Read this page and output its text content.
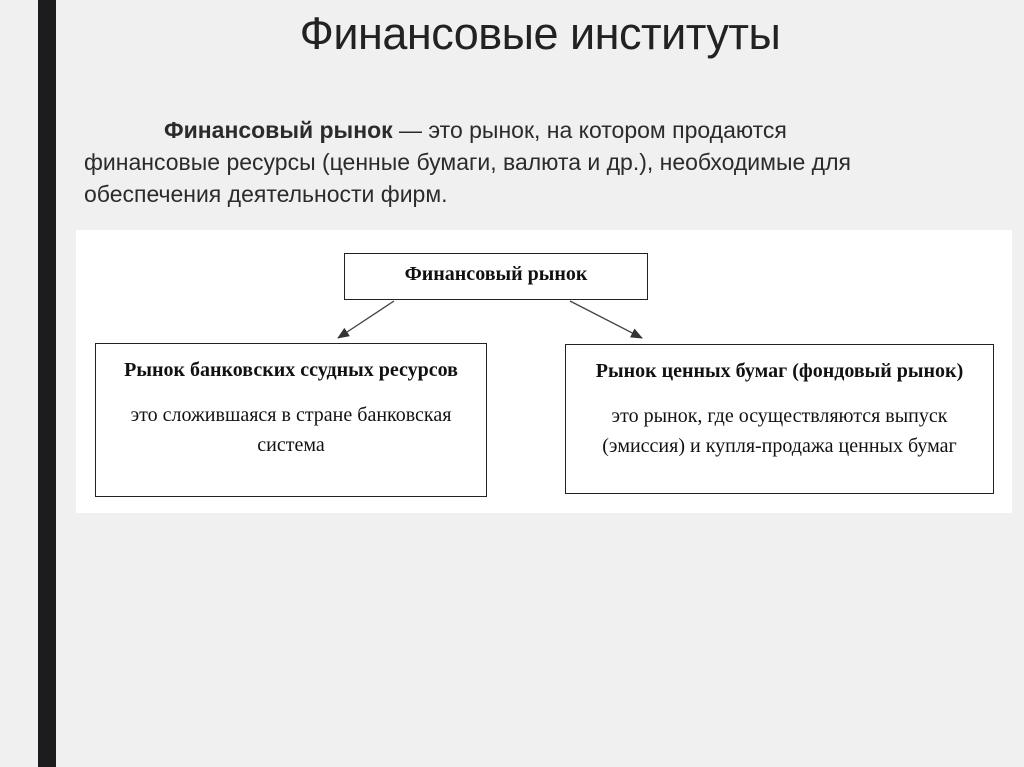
Финансовые институты
Финансовый рынок — это рынок, на котором продаются
финансовые ресурсы (ценные бумаги, валюта и др.), необходимые для
обеспечения деятельности фирм.
Финансовый рынок
Рынок банковских ссудных ресурсов
это сложившаяся в стране банковская система
Рынок ценных бумаг (фондовый рынок)
это рынок, где осуществляются выпуск (эмиссия) и купля-продажа ценных бумаг
